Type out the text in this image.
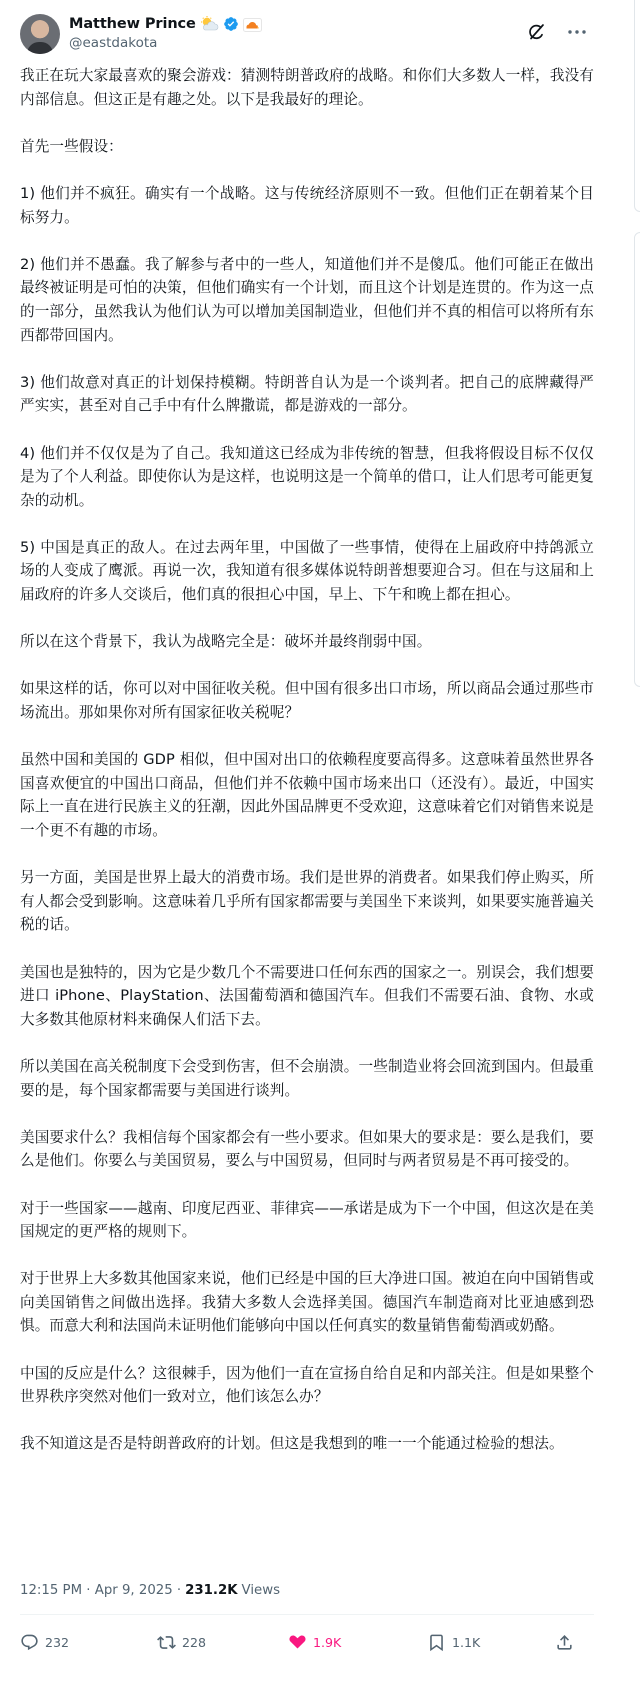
Matthew Prince
@eastdakota

我正在玩大家最喜欢的聚会游戏：猜测特朗普政府的战略。和你们大多数人一样，我没有内部信息。但这正是有趣之处。以下是我最好的理论。

首先一些假设：

1) 他们并不疯狂。确实有一个战略。这与传统经济原则不一致。但他们正在朝着某个目标努力。

2) 他们并不愚蠢。我了解参与者中的一些人，知道他们并不是傻瓜。他们可能正在做出最终被证明是可怕的决策，但他们确实有一个计划，而且这个计划是连贯的。作为这一点的一部分，虽然我认为他们认为可以增加美国制造业，但他们并不真的相信可以将所有东西都带回国内。

3) 他们故意对真正的计划保持模糊。特朗普自认为是一个谈判者。把自己的底牌藏得严严实实，甚至对自己手中有什么牌撒谎，都是游戏的一部分。

4) 他们并不仅仅是为了自己。我知道这已经成为非传统的智慧，但我将假设目标不仅仅是为了个人利益。即使你认为是这样，也说明这是一个简单的借口，让人们思考可能更复杂的动机。

5) 中国是真正的敌人。在过去两年里，中国做了一些事情，使得在上届政府中持鸽派立场的人变成了鹰派。再说一次，我知道有很多媒体说特朗普想要迎合习。但在与这届和上届政府的许多人交谈后，他们真的很担心中国，早上、下午和晚上都在担心。

所以在这个背景下，我认为战略完全是：破坏并最终削弱中国。

如果这样的话，你可以对中国征收关税。但中国有很多出口市场，所以商品会通过那些市场流出。那如果你对所有国家征收关税呢？

虽然中国和美国的 GDP 相似，但中国对出口的依赖程度要高得多。这意味着虽然世界各国喜欢便宜的中国出口商品，但他们并不依赖中国市场来出口（还没有）。最近，中国实际上一直在进行民族主义的狂潮，因此外国品牌更不受欢迎，这意味着它们对销售来说是一个更不有趣的市场。

另一方面，美国是世界上最大的消费市场。我们是世界的消费者。如果我们停止购买，所有人都会受到影响。这意味着几乎所有国家都需要与美国坐下来谈判，如果要实施普遍关税的话。

美国也是独特的，因为它是少数几个不需要进口任何东西的国家之一。别误会，我们想要进口 iPhone、PlayStation、法国葡萄酒和德国汽车。但我们不需要石油、食物、水或大多数其他原材料来确保人们活下去。

所以美国在高关税制度下会受到伤害，但不会崩溃。一些制造业将会回流到国内。但最重要的是，每个国家都需要与美国进行谈判。

美国要求什么？我相信每个国家都会有一些小要求。但如果大的要求是：要么是我们，要么是他们。你要么与美国贸易，要么与中国贸易，但同时与两者贸易是不再可接受的。

对于一些国家——越南、印度尼西亚、菲律宾——承诺是成为下一个中国，但这次是在美国规定的更严格的规则下。

对于世界上大多数其他国家来说，他们已经是中国的巨大净进口国。被迫在向中国销售或向美国销售之间做出选择。我猜大多数人会选择美国。德国汽车制造商对比亚迪感到恐惧。而意大利和法国尚未证明他们能够向中国以任何真实的数量销售葡萄酒或奶酪。

中国的反应是什么？这很棘手，因为他们一直在宣扬自给自足和内部关注。但是如果整个世界秩序突然对他们一致对立，他们该怎么办？

我不知道这是否是特朗普政府的计划。但这是我想到的唯一一个能通过检验的想法。

12:15 PM · Apr 9, 2025 · 231.2K Views
232	228	1.9K	1.1K
